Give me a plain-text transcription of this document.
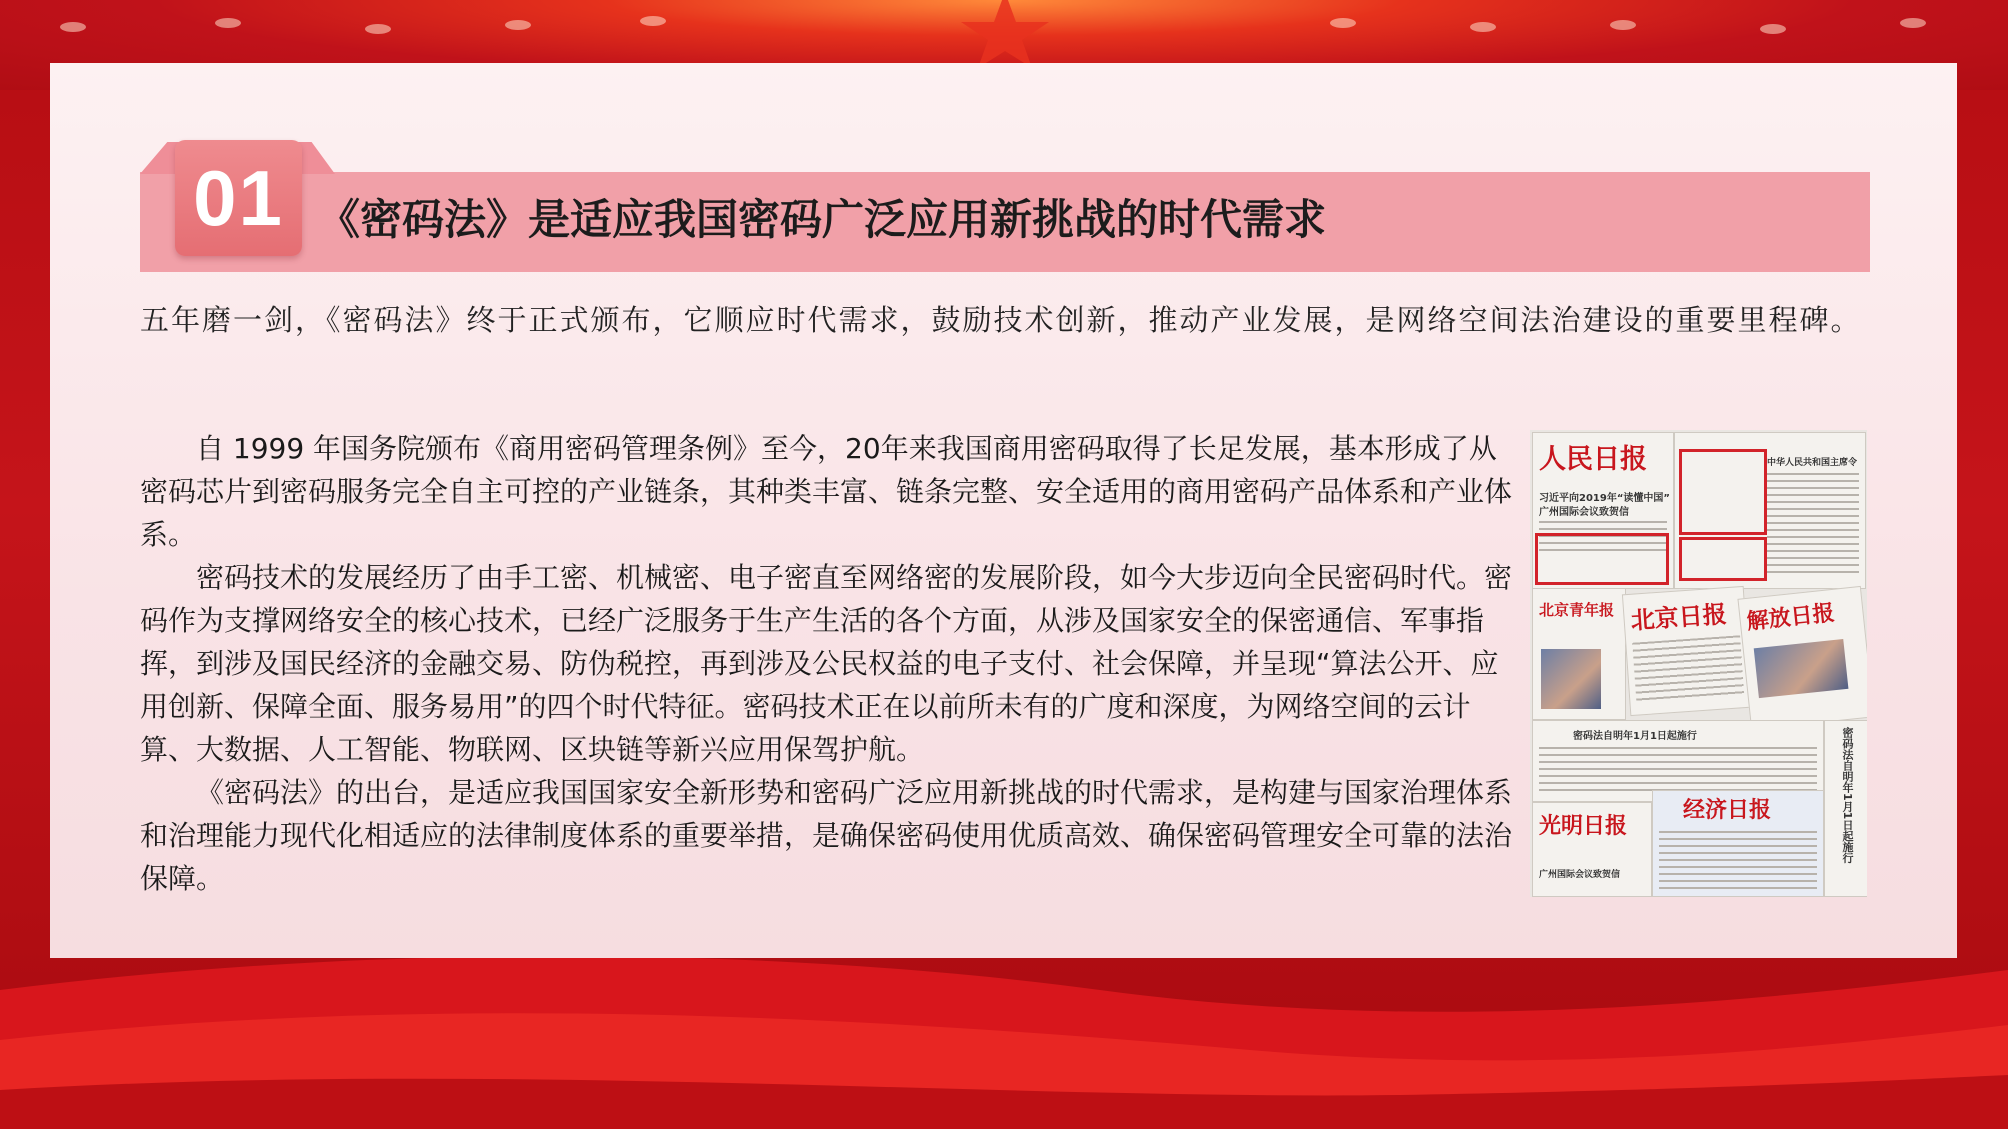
01 《密码法》是适应我国密码广泛应用新挑战的时代需求
五年磨一剑，《密码法》终于正式颁布，它顺应时代需求，鼓励技术创新，推动产业发展，是网络空间法治建设的重要里程碑。

自 1999 年国务院颁布《商用密码管理条例》至今，20年来我国商用密码取得了长足发展，基本形成了从密码芯片到密码服务完全自主可控的产业链条，其种类丰富、链条完整、安全适用的商用密码产品体系和产业体系。

密码技术的发展经历了由手工密、机械密、电子密直至网络密的发展阶段，如今大步迈向全民密码时代。密码作为支撑网络安全的核心技术，已经广泛服务于生产生活的各个方面，从涉及国家安全的保密通信、军事指挥，到涉及国民经济的金融交易、防伪税控，再到涉及公民权益的电子支付、社会保障，并呈现“算法公开、应用创新、保障全面、服务易用”的四个时代特征。密码技术正在以前所未有的广度和深度，为网络空间的云计算、大数据、人工智能、物联网、区块链等新兴应用保驾护航。

《密码法》的出台，是适应我国国家安全新形势和密码广泛应用新挑战的时代需求，是构建与国家治理体系和治理能力现代化相适应的法律制度体系的重要举措，是确保密码使用优质高效、确保密码管理安全可靠的法治保障。

人民日报
习近平向2019年“读懂中国”
广州国际会议致贺信
中华人民共和国主席令
北京青年报 北京日报 解放日报
密码法自明年1月1日起施行	密码法自明年1月1日起施行
光明日报
广州国际会议致贺信
经济日报
